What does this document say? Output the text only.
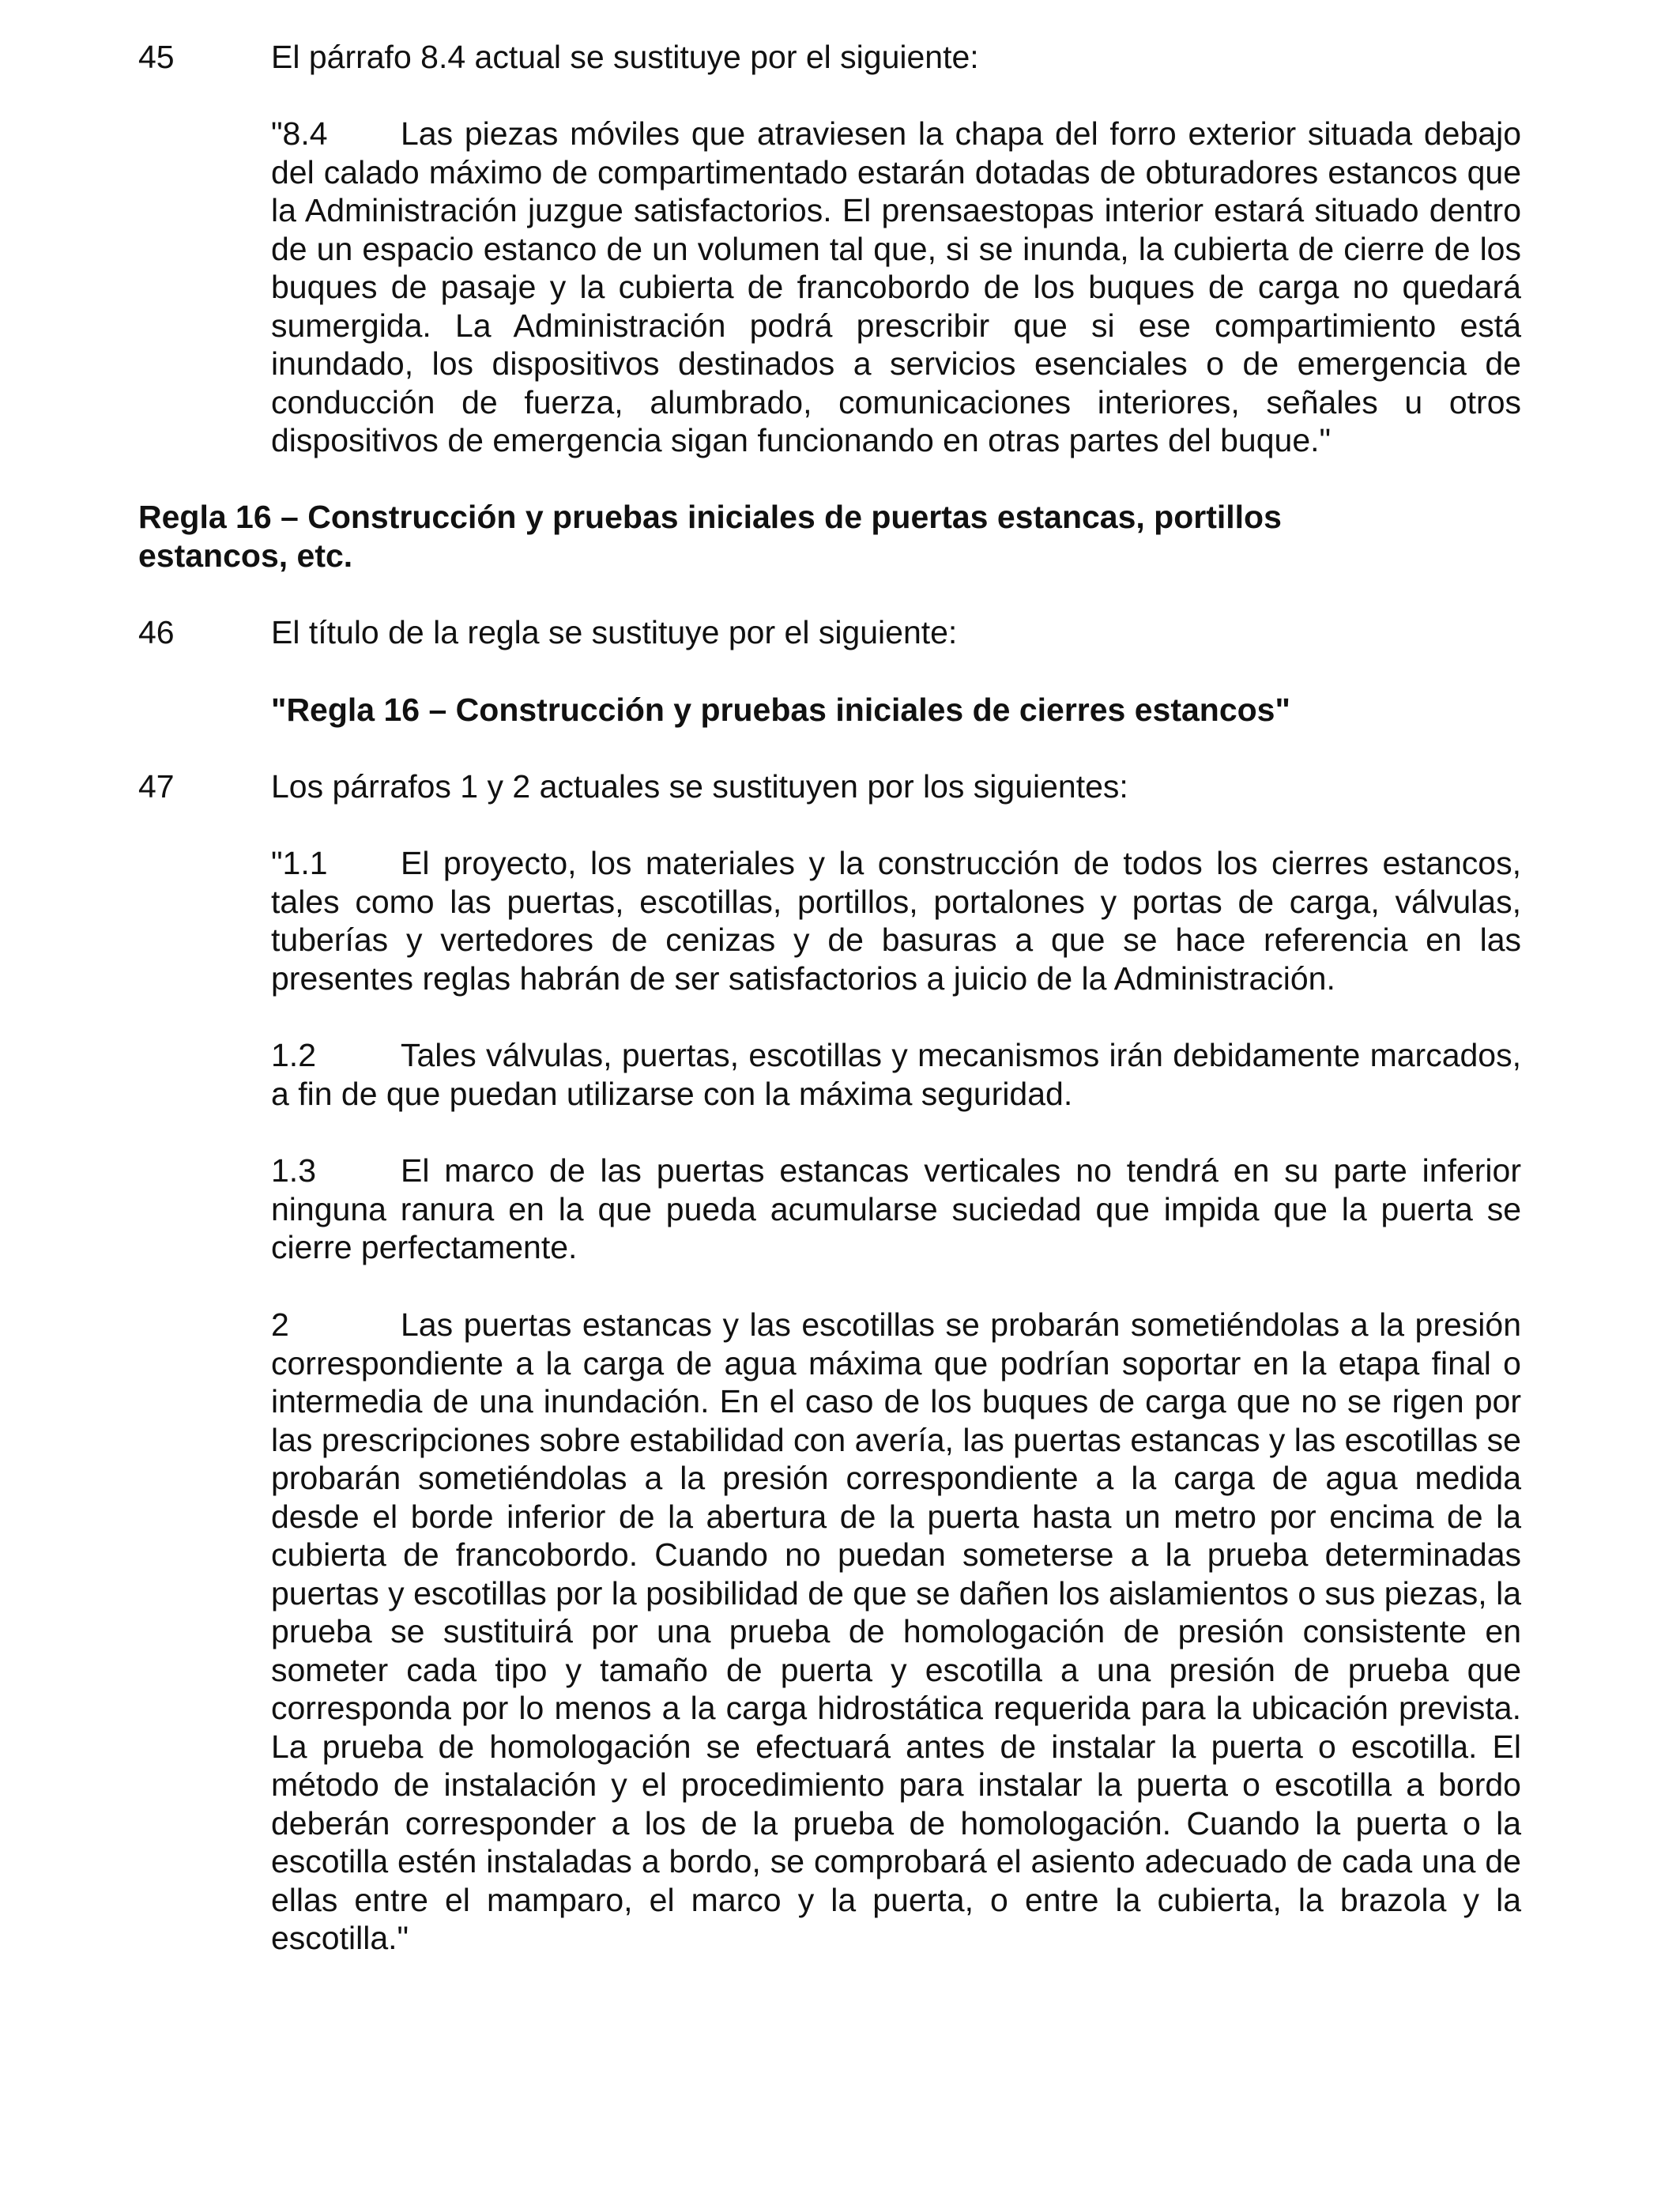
45	El párrafo 8.4 actual se sustituye por el siguiente:

"8.4 Las piezas móviles que atraviesen la chapa del forro exterior situada debajo del calado máximo de compartimentado estarán dotadas de obturadores estancos que la Administración juzgue satisfactorios. El prensaestopas interior estará situado dentro de un espacio estanco de un volumen tal que, si se inunda, la cubierta de cierre de los buques de pasaje y la cubierta de francobordo de los buques de carga no quedará sumergida. La Administración podrá prescribir que si ese compartimiento está inundado, los dispositivos destinados a servicios esenciales o de emergencia de conducción de fuerza, alumbrado, comunicaciones interiores, señales u otros dispositivos de emergencia sigan funcionando en otras partes del buque."

Regla 16 – Construcción y pruebas iniciales de puertas estancas, portillos
estancos, etc.
46	El título de la regla se sustituye por el siguiente:
"Regla 16 – Construcción y pruebas iniciales de cierres estancos"
47	Los párrafos 1 y 2 actuales se sustituyen por los siguientes:

"1.1 El proyecto, los materiales y la construcción de todos los cierres estancos, tales como las puertas, escotillas, portillos, portalones y portas de carga, válvulas, tuberías y vertedores de cenizas y de basuras a que se hace referencia en las presentes reglas habrán de ser satisfactorios a juicio de la Administración.

1.2	Tales válvulas, puertas, escotillas y mecanismos irán debidamente marcados, a fin de que puedan utilizarse con la máxima seguridad.

1.3	El marco de las puertas estancas verticales no tendrá en su parte inferior ninguna ranura en la que pueda acumularse suciedad que impida que la puerta se cierre perfectamente.

2	Las puertas estancas y las escotillas se probarán sometiéndolas a la presión correspondiente a la carga de agua máxima que podrían soportar en la etapa final o intermedia de una inundación. En el caso de los buques de carga que no se rigen por las prescripciones sobre estabilidad con avería, las puertas estancas y las escotillas se probarán sometiéndolas a la presión correspondiente a la carga de agua medida desde el borde inferior de la abertura de la puerta hasta un metro por encima de la cubierta de francobordo. Cuando no puedan someterse a la prueba determinadas puertas y escotillas por la posibilidad de que se dañen los aislamientos o sus piezas, la prueba se sustituirá por una prueba de homologación de presión consistente en someter cada tipo y tamaño de puerta y escotilla a una presión de prueba que corresponda por lo menos a la carga hidrostática requerida para la ubicación prevista. La prueba de homologación se efectuará antes de instalar la puerta o escotilla. El método de instalación y el procedimiento para instalar la puerta o escotilla a bordo deberán corresponder a los de la prueba de homologación. Cuando la puerta o la escotilla estén instaladas a bordo, se comprobará el asiento adecuado de cada una de ellas entre el mamparo, el marco y la puerta, o entre la cubierta, la brazola y la escotilla."
